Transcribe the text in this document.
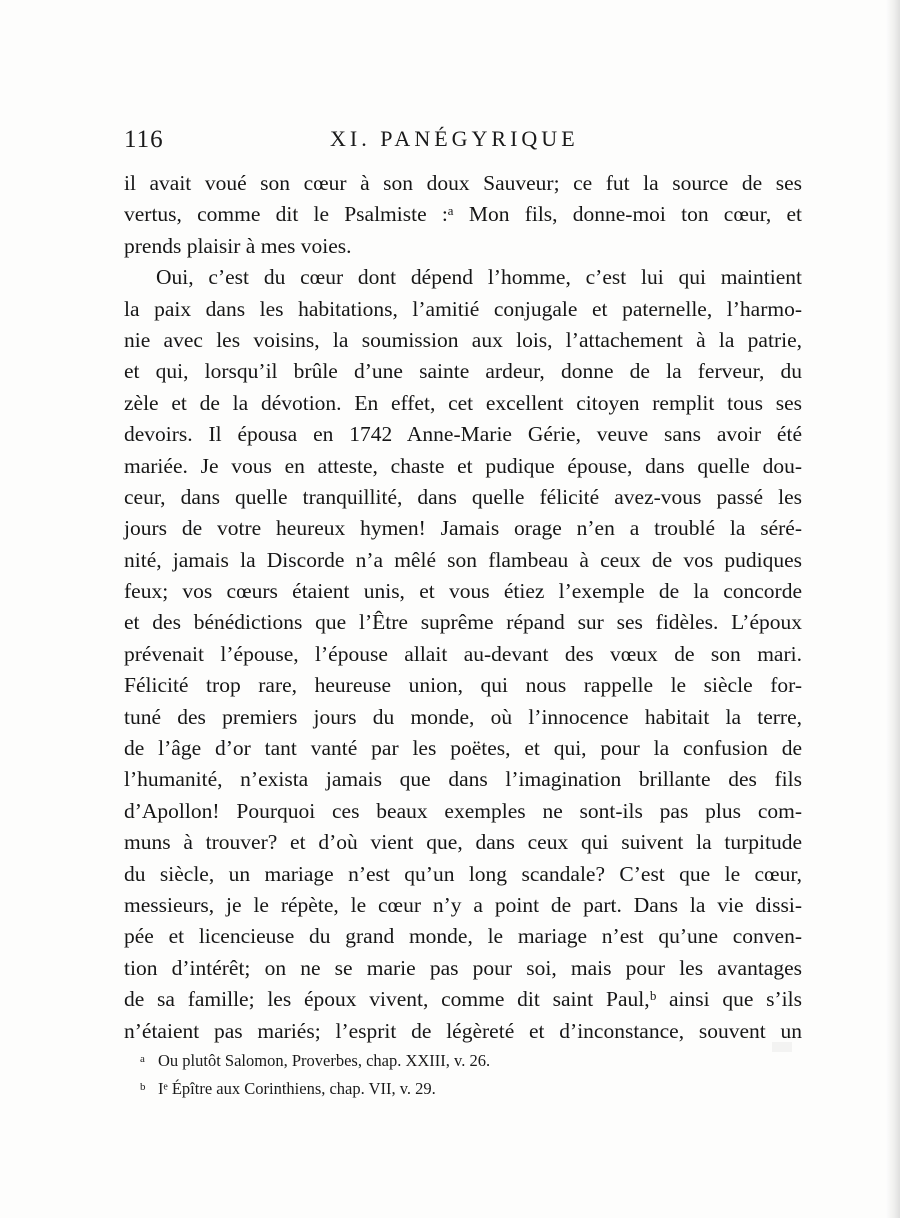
116	XI. PANÉGYRIQUE
il avait voué son cœur à son doux Sauveur; ce fut la source de ses
vertus, comme dit le Psalmiste :ᵃ Mon fils, donne-moi ton cœur, et
prends plaisir à mes voies.
Oui, c’est du cœur dont dépend l’homme, c’est lui qui maintient
la paix dans les habitations, l’amitié conjugale et paternelle, l’harmo-
nie avec les voisins, la soumission aux lois, l’attachement à la patrie,
et qui, lorsqu’il brûle d’une sainte ardeur, donne de la ferveur, du
zèle et de la dévotion. En effet, cet excellent citoyen remplit tous ses
devoirs. Il épousa en 1742 Anne-Marie Gérie, veuve sans avoir été
mariée. Je vous en atteste, chaste et pudique épouse, dans quelle dou-
ceur, dans quelle tranquillité, dans quelle félicité avez-vous passé les
jours de votre heureux hymen! Jamais orage n’en a troublé la séré-
nité, jamais la Discorde n’a mêlé son flambeau à ceux de vos pudiques
feux; vos cœurs étaient unis, et vous étiez l’exemple de la concorde
et des bénédictions que l’Être suprême répand sur ses fidèles. L’époux
prévenait l’épouse, l’épouse allait au-devant des vœux de son mari.
Félicité trop rare, heureuse union, qui nous rappelle le siècle for-
tuné des premiers jours du monde, où l’innocence habitait la terre,
de l’âge d’or tant vanté par les poëtes, et qui, pour la confusion de
l’humanité, n’exista jamais que dans l’imagination brillante des fils
d’Apollon! Pourquoi ces beaux exemples ne sont-ils pas plus com-
muns à trouver? et d’où vient que, dans ceux qui suivent la turpitude
du siècle, un mariage n’est qu’un long scandale? C’est que le cœur,
messieurs, je le répète, le cœur n’y a point de part. Dans la vie dissi-
pée et licencieuse du grand monde, le mariage n’est qu’une conven-
tion d’intérêt; on ne se marie pas pour soi, mais pour les avantages
de sa famille; les époux vivent, comme dit saint Paul,ᵇ ainsi que s’ils
n’étaient pas mariés; l’esprit de légèreté et d’inconstance, souvent un
a Ou plutôt Salomon, Proverbes, chap. XXIII, v. 26.
b Iᵉ Épître aux Corinthiens, chap. VII, v. 29.
